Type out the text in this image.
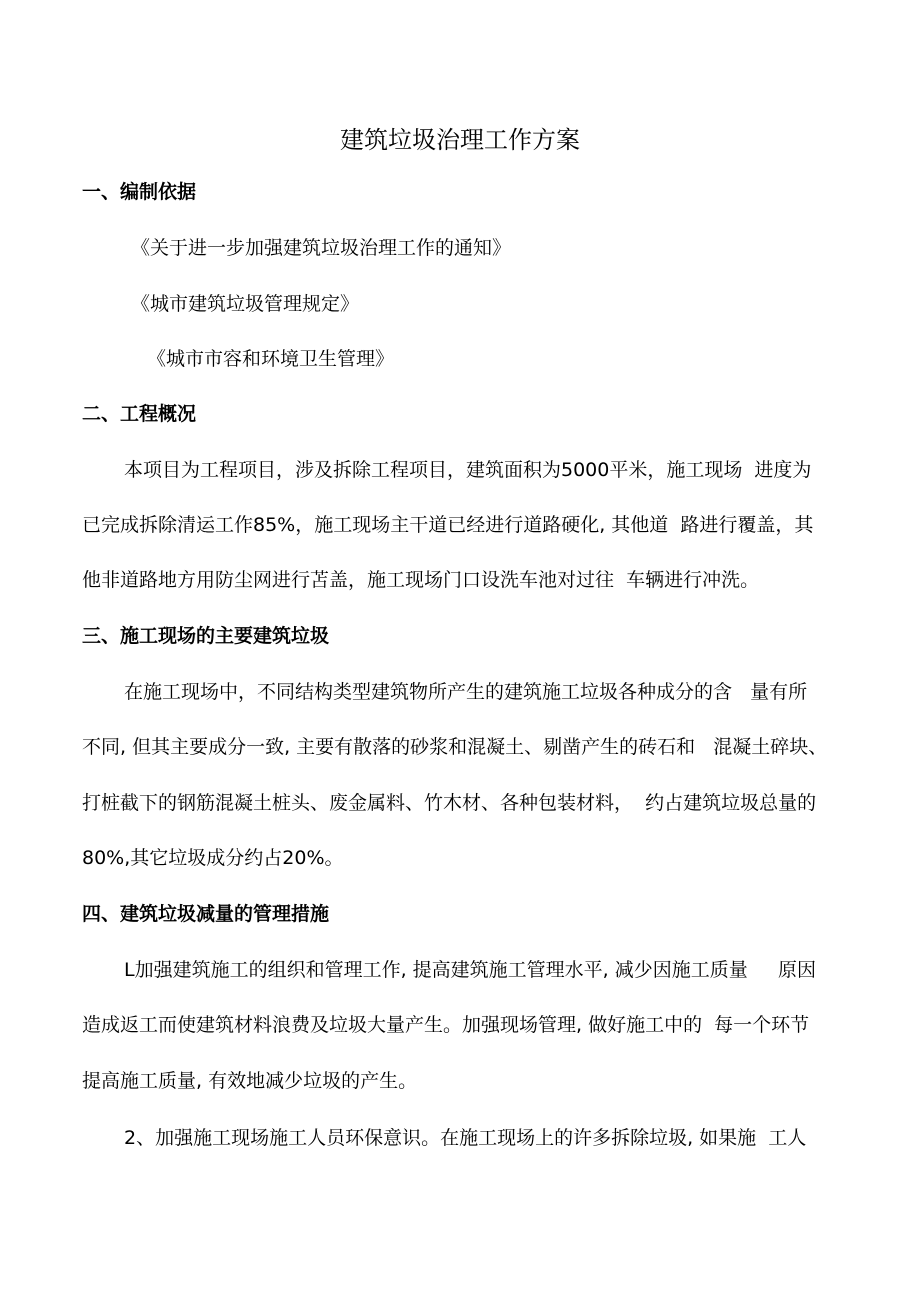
建筑垃圾治理工作方案
一、编制依据
《关于进一步加强建筑垃圾治理工作的通知》
《城市建筑垃圾管理规定》
《城市市容和环境卫生管理》
二、工程概况
本项目为工程项目，涉及拆除工程项目，建筑面积为5000平米，施工现场  进度为
已完成拆除清运工作85%，施工现场主干道已经进行道路硬化, 其他道  路进行覆盖，其
他非道路地方用防尘网进行苫盖，施工现场门口设洗车池对过往  车辆进行冲洗。
三、施工现场的主要建筑垃圾
在施工现场中，不同结构类型建筑物所产生的建筑施工垃圾各种成分的含   量有所
不同, 但其主要成分一致, 主要有散落的砂浆和混凝土、剔凿产生的砖石和   混凝土碎块、
打桩截下的钢筋混凝土桩头、废金属料、竹木材、各种包装材料，  约占建筑垃圾总量的
80%,其它垃圾成分约占20%。
四、建筑垃圾减量的管理措施
L加强建筑施工的组织和管理工作, 提高建筑施工管理水平, 减少因施工质量     原因
造成返工而使建筑材料浪费及垃圾大量产生。加强现场管理, 做好施工中的  每一个环节
提高施工质量, 有效地减少垃圾的产生。
2、加强施工现场施工人员环保意识。在施工现场上的许多拆除垃圾, 如果施  工人
